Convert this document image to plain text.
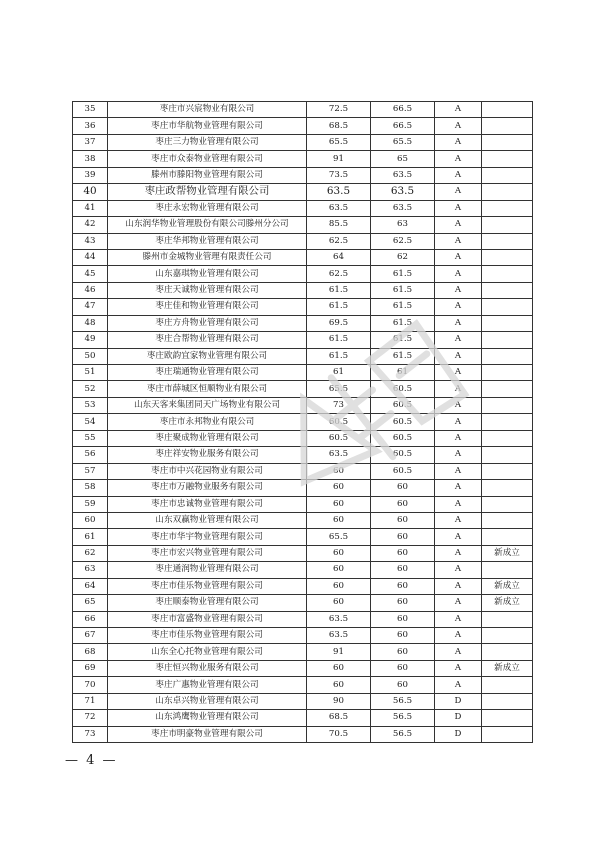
35	枣庄市兴宸物业有限公司	72.5	66.5	A	
36	枣庄市华航物业管理有限公司	68.5	66.5	A	
37	枣庄三力物业管理有限公司	65.5	65.5	A	
38	枣庄市众泰物业管理有限公司	91	65	A	
39	滕州市滕阳物业管理有限公司	73.5	63.5	A	
40	枣庄政帮物业管理有限公司	63.5	63.5	A	
41	枣庄永宏物业管理有限公司	63.5	63.5	A	
42	山东润华物业管理股份有限公司滕州分公司	85.5	63	A	
43	枣庄华邦物业管理有限公司	62.5	62.5	A	
44	滕州市金城物业管理有限责任公司	64	62	A	
45	山东嘉琪物业管理有限公司	62.5	61.5	A	
46	枣庄天诚物业管理有限公司	61.5	61.5	A	
47	枣庄佳和物业管理有限公司	61.5	61.5	A	
48	枣庄方舟物业管理有限公司	69.5	61.5	A	
49	枣庄合帮物业管理有限公司	61.5	61.5	A	
50	枣庄欧韵宜家物业管理有限公司	61.5	61.5	A	
51	枣庄瑞通物业管理有限公司	61	61	A	
52	枣庄市薛城区恒顺物业有限公司	65.5	60.5	A	
53	山东天客来集团同天广场物业有限公司	73	60.5	A	
54	枣庄市永邦物业有限公司	60.5	60.5	A	
55	枣庄聚成物业管理有限公司	60.5	60.5	A	
56	枣庄祥安物业服务有限公司	63.5	60.5	A	
57	枣庄市中兴花园物业有限公司	60	60.5	A	
58	枣庄市万融物业服务有限公司	60	60	A	
59	枣庄市忠诚物业管理有限公司	60	60	A	
60	山东双赢物业管理有限公司	60	60	A	
61	枣庄市华宇物业管理有限公司	65.5	60	A	
62	枣庄市宏兴物业管理有限公司	60	60	A	新成立
63	枣庄通润物业管理有限公司	60	60	A	
64	枣庄市佳乐物业管理有限公司	60	60	A	新成立
65	枣庄顺泰物业管理有限公司	60	60	A	新成立
66	枣庄市富盛物业管理有限公司	63.5	60	A	
67	枣庄市佳乐物业管理有限公司	63.5	60	A	
68	山东全心托物业管理有限公司	91	60	A	
69	枣庄恒兴物业服务有限公司	60	60	A	新成立
70	枣庄广惠物业管理有限公司	60	60	A	
71	山东卓兴物业管理有限公司	90	56.5	D	
72	山东鸿鹰物业管理有限公司	68.5	56.5	D	
73	枣庄市明豪物业管理有限公司	70.5	56.5	D	
— 4 —
